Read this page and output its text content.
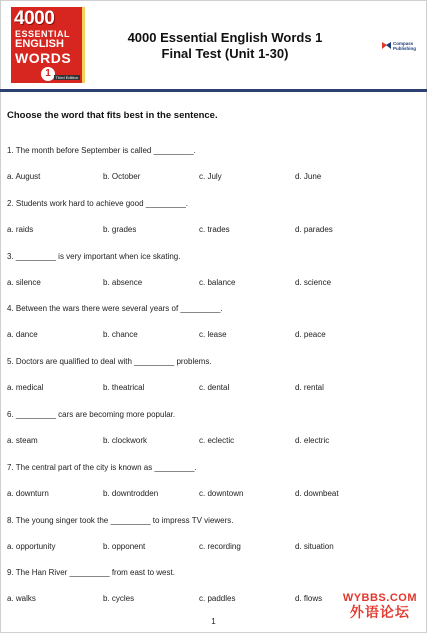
4000
ESSENTIAL
ENGLISH
WORDS
1	Third Edition

4000 Essential English Words 1

Final Test (Unit 1-30)

Compass Publishing
Choose the word that fits best in the sentence.
1. The month before September is called _________.
a. August	b. October	c. July	d. June
2. Students work hard to achieve good _________.
a. raids	b. grades	c. trades	d. parades
3. _________ is very important when ice skating.
a. silence	b. absence	c. balance	d. science
4. Between the wars there were several years of _________.
a. dance	b. chance	c. lease	d. peace
5. Doctors are qualified to deal with _________ problems.
a. medical	b. theatrical	c. dental	d. rental
6. _________ cars are becoming more popular.
a. steam	b. clockwork	c. eclectic	d. electric
7. The central part of the city is known as _________.
a. downturn	b. downtrodden	c. downtown	d. downbeat
8. The young singer took the _________ to impress TV viewers.
a. opportunity	b. opponent	c. recording	d. situation
9. The Han River _________ from east to west.
a. walks	b. cycles	c. paddles	d. flows
1
WYBBS.COM
外语论坛
